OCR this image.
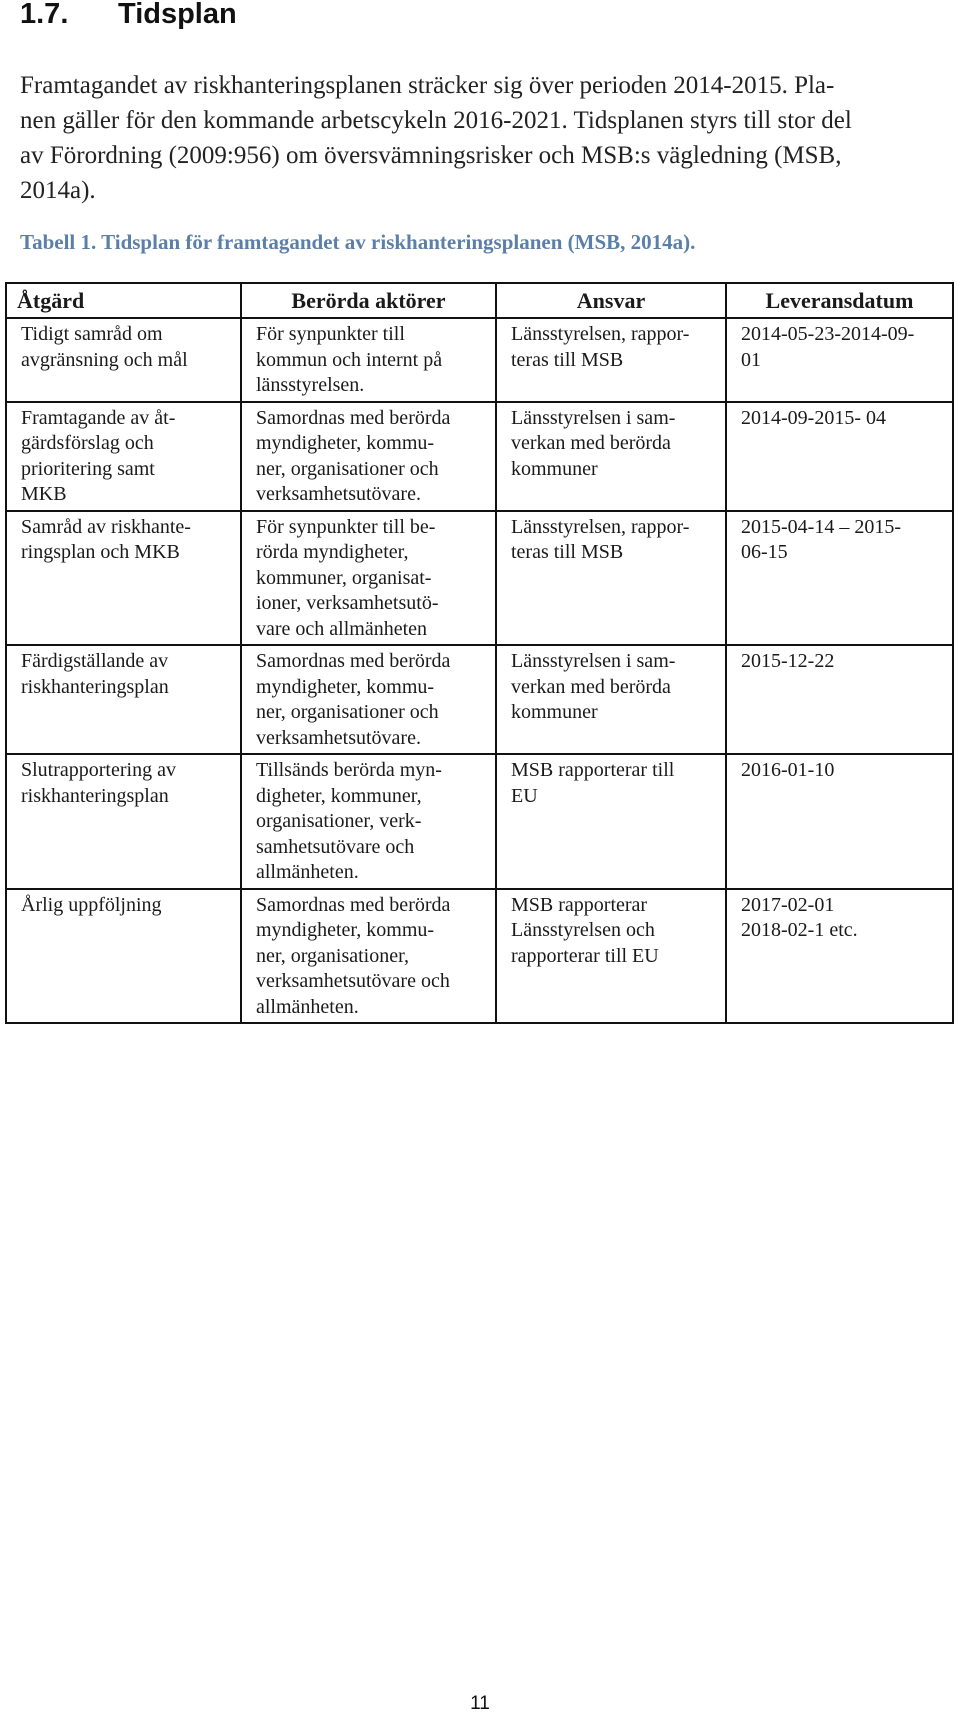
1.7.	Tidsplan
Framtagandet av riskhanteringsplanen sträcker sig över perioden 2014-2015. Pla-
nen gäller för den kommande arbetscykeln 2016-2021. Tidsplanen styrs till stor del
av Förordning (2009:956) om översvämningsrisker och MSB:s vägledning (MSB,
2014a).
Tabell 1. Tidsplan för framtagandet av riskhanteringsplanen (MSB, 2014a).
Åtgärd	Berörda aktörer	Ansvar	Leveransdatum

Tidigt samråd om
avgränsning och mål	För synpunkter till
kommun och internt på
länsstyrelsen.	Länsstyrelsen, rappor-
teras till MSB	2014-05-23-2014-09-
01

Framtagande av åt-
gärdsförslag och
prioritering samt
MKB	Samordnas med berörda
myndigheter, kommu-
ner, organisationer och
verksamhetsutövare.	Länsstyrelsen i sam-
verkan med berörda
kommuner	2014-09-2015- 04

Samråd av riskhante-
ringsplan och MKB	För synpunkter till be-
rörda myndigheter,
kommuner, organisat-
ioner, verksamhetsutö-
vare och allmänheten	Länsstyrelsen, rappor-
teras till MSB	2015-04-14 – 2015-
06-15

Färdigställande av
riskhanteringsplan	Samordnas med berörda
myndigheter, kommu-
ner, organisationer och
verksamhetsutövare.	Länsstyrelsen i sam-
verkan med berörda
kommuner	2015-12-22

Slutrapportering av
riskhanteringsplan	Tillsänds berörda myn-
digheter, kommuner,
organisationer, verk-
samhetsutövare och
allmänheten.	MSB rapporterar till
EU	2016-01-10

Årlig uppföljning	Samordnas med berörda
myndigheter, kommu-
ner, organisationer,
verksamhetsutövare och
allmänheten.	MSB rapporterar
Länsstyrelsen och
rapporterar till EU	2017-02-01
2018-02-1 etc.
11
